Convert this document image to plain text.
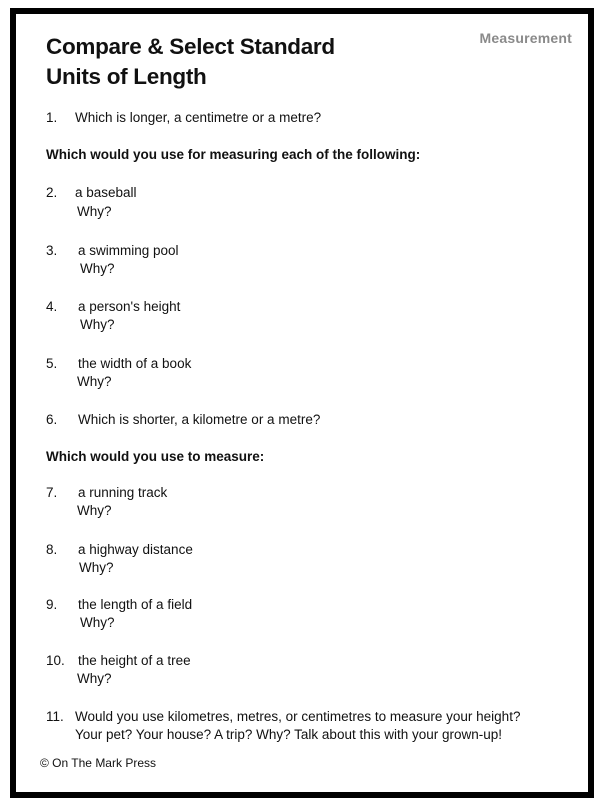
Measurement
Compare & Select Standard
Units of Length
1. Which is longer, a centimetre or a metre?
Which would you use for measuring each of the following:
2. a baseball
Why?
3. a swimming pool
Why?
4. a person's height
Why?
5. the width of a book
Why?
6. Which is shorter, a kilometre or a metre?
Which would you use to measure:
7. a running track
Why?
8. a highway distance
Why?
9. the length of a field
Why?
10. the height of a tree
Why?
11. Would you use kilometres, metres, or centimetres to measure your height?
Your pet? Your house? A trip? Why? Talk about this with your grown-up!
© On The Mark Press
